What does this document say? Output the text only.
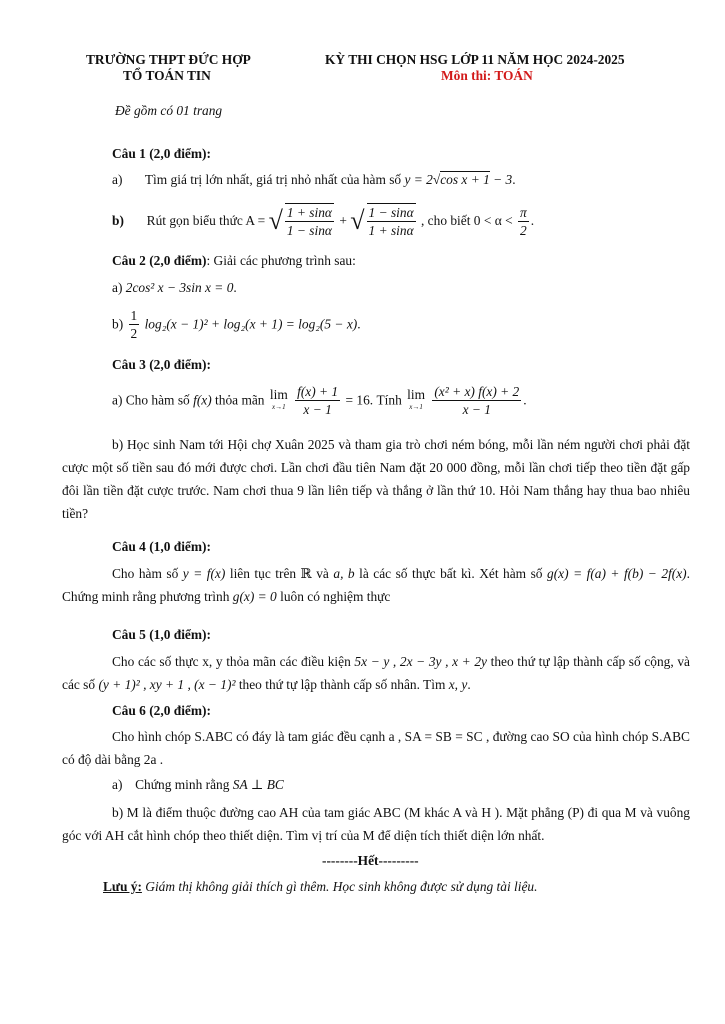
TRƯỜNG THPT ĐỨC HỢP
TỔ TOÁN TIN
KỲ THI CHỌN HSG LỚP 11 NĂM HỌC 2024-2025
Môn thi: TOÁN
Đề gồm có 01 trang
Câu 1 (2,0 điểm):
a) Tìm giá trị lớn nhất, giá trị nhỏ nhất của hàm số y = 2√cos x + 1 − 3.
b) Rút gọn biểu thức A = √ $\frac{1 + \sin\alpha}{1 - \sin\alpha}$ + √ $\frac{1 - \sin\alpha}{1 + \sin\alpha}$ , cho biết $0 < \alpha < \frac{\pi}{2}$ .
Câu 2 (2,0 điểm): Giải các phương trình sau:
a) 2cos² x − 3sin x = 0.
$b) \frac{1}{2} \log_2(x - 1)^2 + \log_2(x + 1) = \log_2(5 - x)$.
Câu 3 (2,0 điểm):
a) Cho hàm số f(x) thỏa mãn lim
x→1
$\frac{f(x) + 1}{x - 1} = 16$. Tính lim
x→1
$\frac{\text{(x² + x) f(x) + 2}}{x - 1}$ .
b) Học sinh Nam tới Hội chợ Xuân 2025 và tham gia trò chơi ném bóng, mỗi lần ném người chơi phải đặt cược một số tiền sau đó mới được chơi. Lần chơi đầu tiên Nam đặt 20 000 đồng, mỗi lần chơi tiếp theo tiền đặt gấp đôi lần tiền đặt cược trước. Nam chơi thua 9 lần liên tiếp và thắng ở lần thứ 10. Hỏi Nam thắng hay thua bao nhiêu tiền?
Câu 4 (1,0 điểm):
Cho hàm số y = f(x) liên tục trên ℝ và a, b là các số thực bất kì. Xét hàm số g(x) = f(a) + f(b) − 2f(x). Chứng minh rằng phương trình g(x) = 0 luôn có nghiệm thực
Câu 5 (1,0 điểm):
Cho các số thực x, y thỏa mãn các điều kiện 5x − y , 2x − 3y , x + 2y theo thứ tự lập thành cấp số cộng, và các số (y + 1)² , xy + 1 , (x − 1)² theo thứ tự lập thành cấp số nhân. Tìm x, y.
Câu 6 (2,0 điểm):
Cho hình chóp S.ABC có đáy là tam giác đều cạnh a , SA = SB = SC , đường cao SO của hình chóp S.ABC có độ dài bằng 2a .
a) Chứng minh rằng SA ⊥ BC
b) M là điểm thuộc đường cao AH của tam giác ABC (M khác A và H ). Mặt phẳng (P) đi qua M và vuông góc với AH cắt hình chóp theo thiết diện. Tìm vị trí của M để diện tích thiết diện lớn nhất.
--------Hết---------
Lưu ý: Giám thị không giải thích gì thêm. Học sinh không được sử dụng tài liệu.
